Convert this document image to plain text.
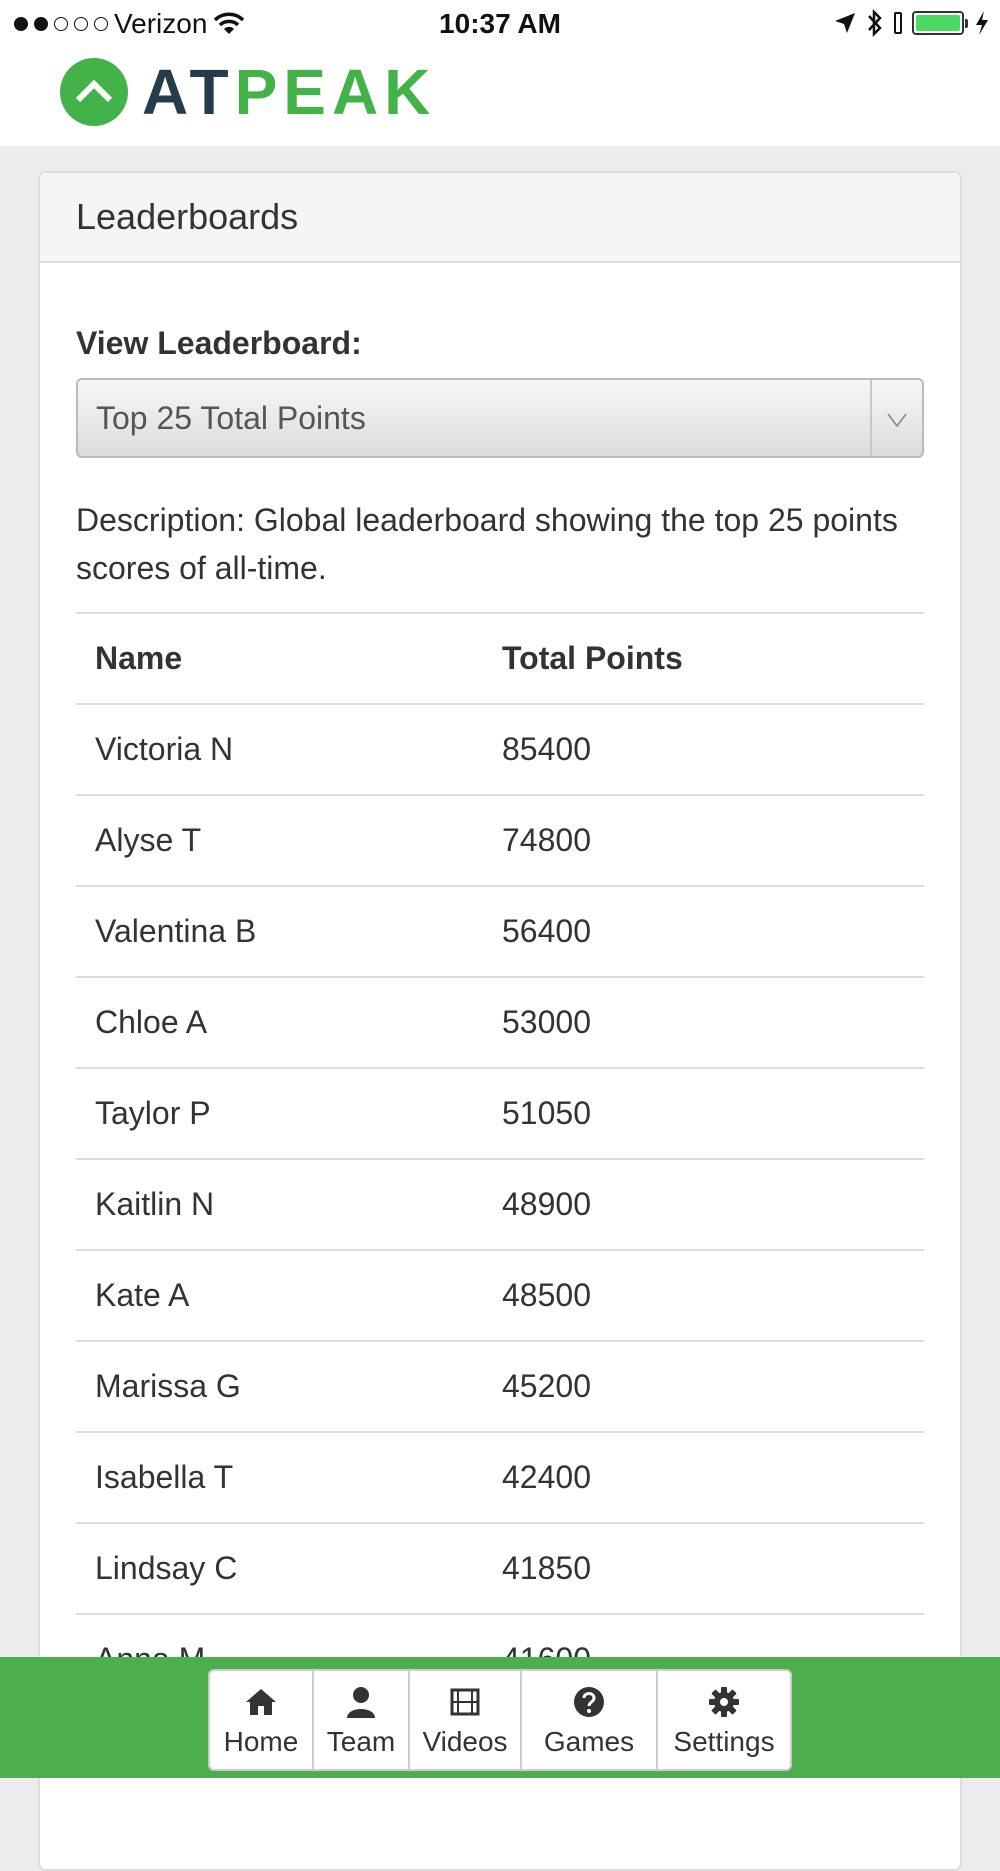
Verizon	10:37 AM
ATPEAK
Leaderboards
View Leaderboard:
Top 25 Total Points
Description: Global leaderboard showing the top 25 points scores of all-time.
Name	Total Points
Victoria N	85400
Alyse T	74800
Valentina B	56400
Chloe A	53000
Taylor P	51050
Kaitlin N	48900
Kate A	48500
Marissa G	45200
Isabella T	42400
Lindsay C	41850

Home Team Videos Games Settings
